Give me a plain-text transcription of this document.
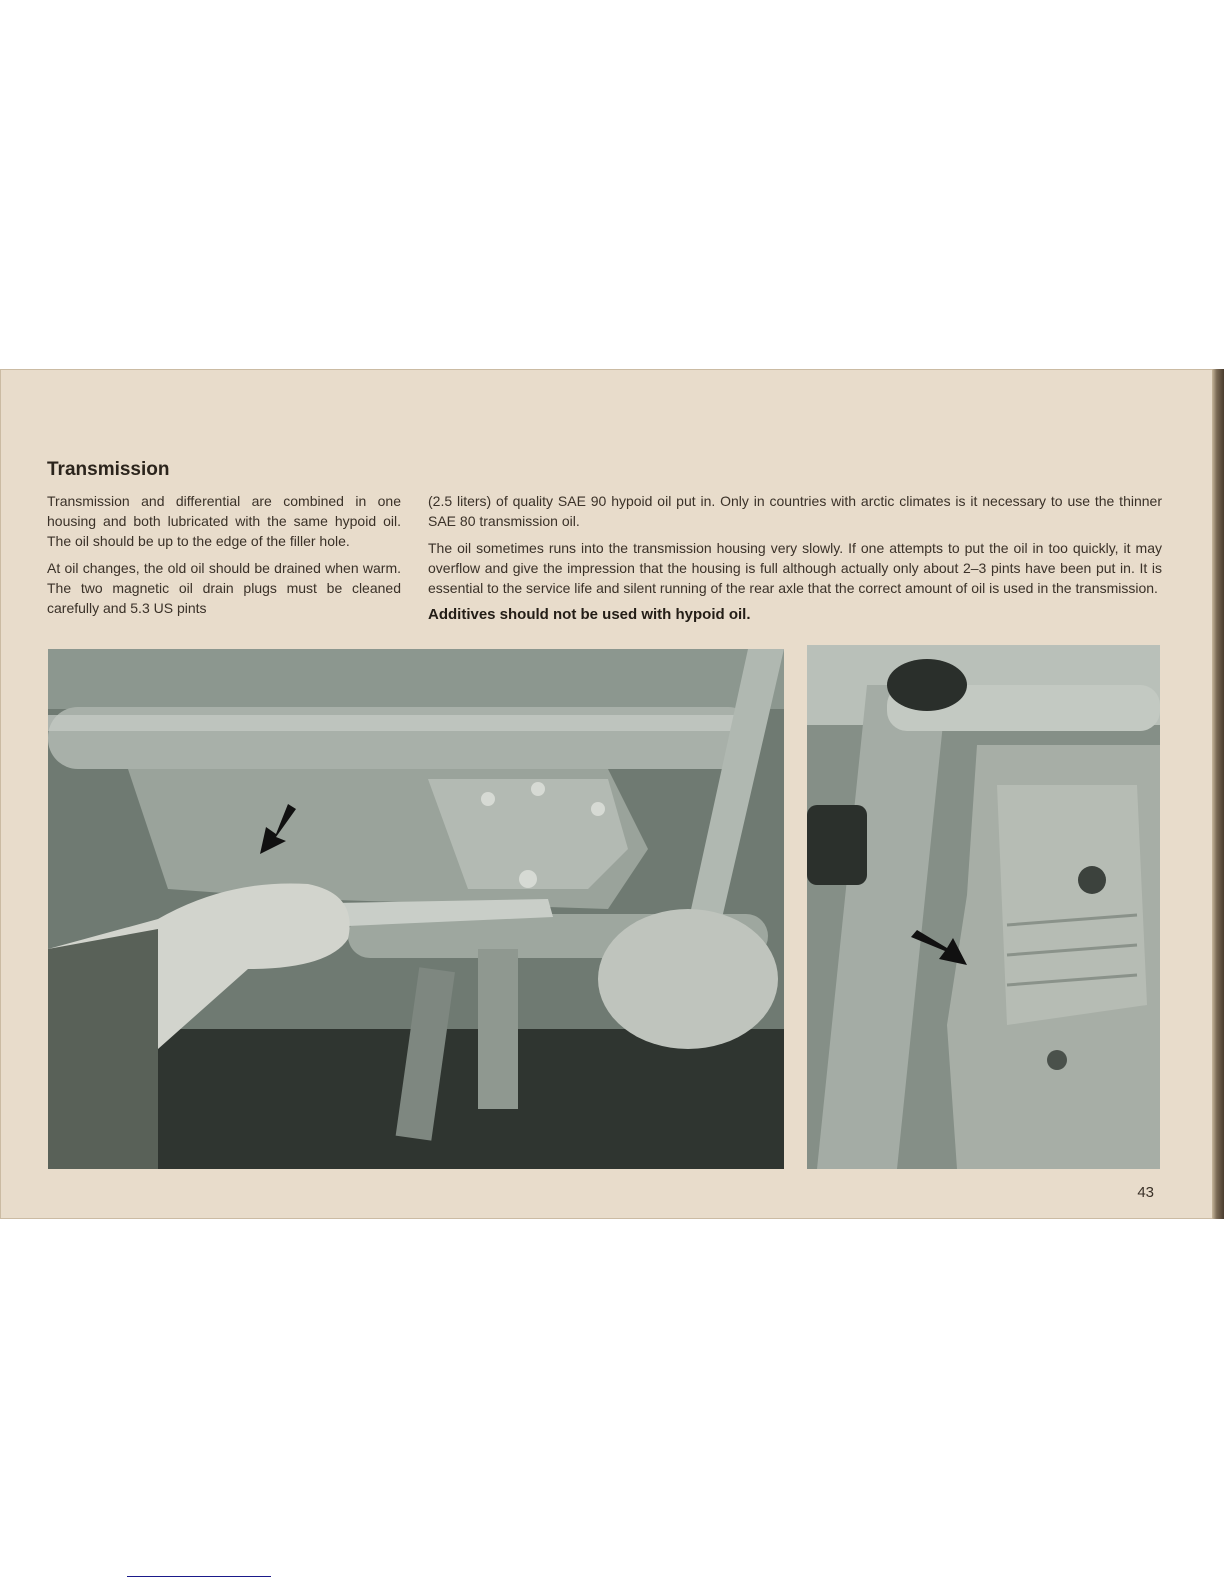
Transmission

Transmission and differential are combined in one housing and both lubricated with the same hypoid oil. The oil should be up to the edge of the filler hole.

At oil changes, the old oil should be drained when warm. The two magnetic oil drain plugs must be cleaned carefully and 5.3 US pints

(2.5 liters) of quality SAE 90 hypoid oil put in. Only in countries with arctic climates is it necessary to use the thinner SAE 80 transmission oil.

The oil sometimes runs into the transmission housing very slowly. If one attempts to put the oil in too quickly, it may overflow and give the impression that the housing is full although actually only about 2–3 pints have been put in. It is essential to the service life and silent running of the rear axle that the correct amount of oil is used in the transmission.

Additives should not be used with hypoid oil.

43
